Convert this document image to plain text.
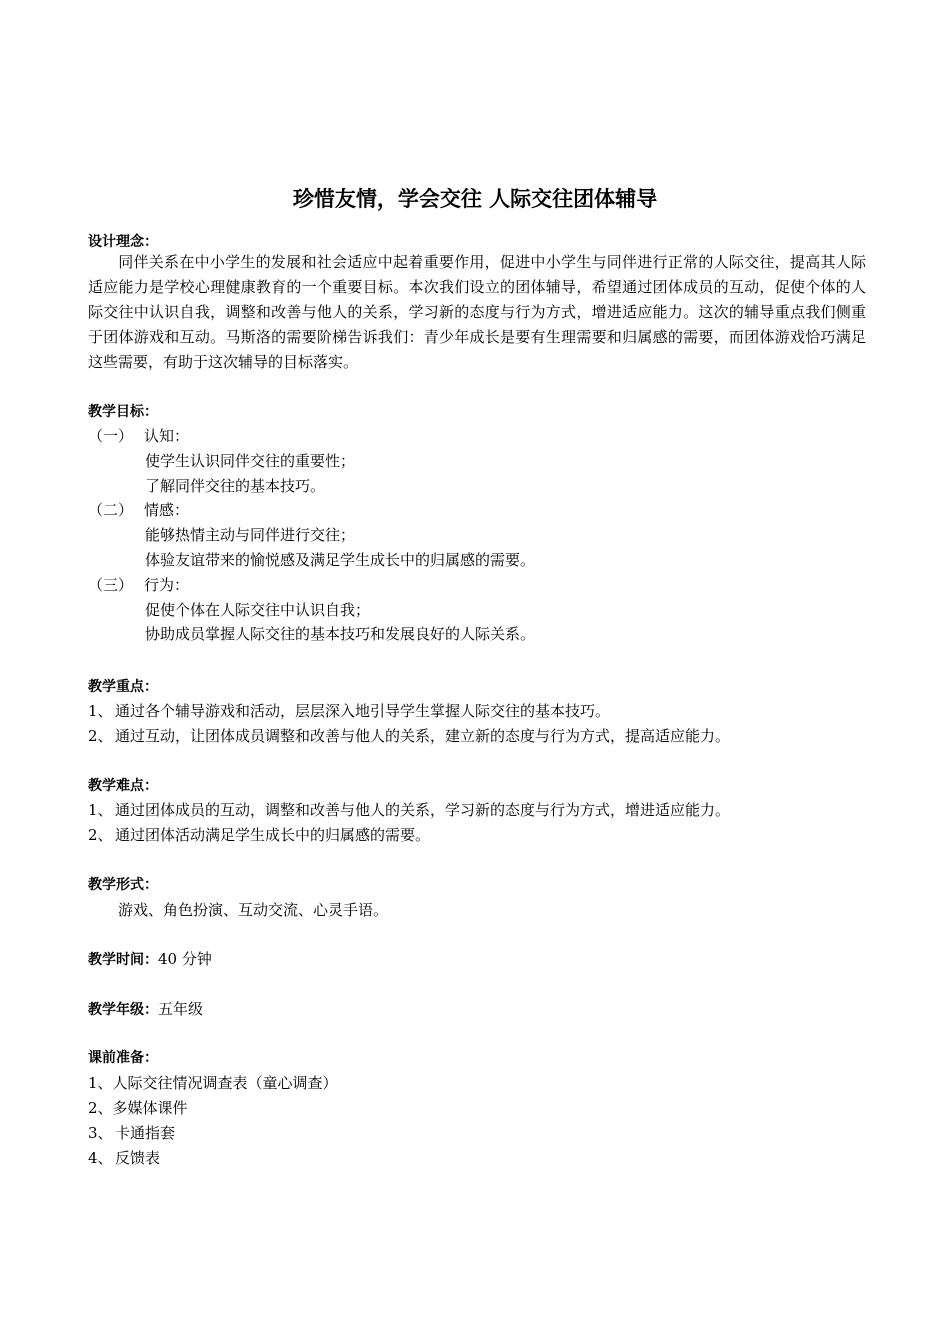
珍惜友情，学会交往 人际交往团体辅导
设计理念：
同伴关系在中小学生的发展和社会适应中起着重要作用，促进中小学生与同伴进行正常的人际交往，提高其人际适应能力是学校心理健康教育的一个重要目标。本次我们设立的团体辅导，希望通过团体成员的互动，促使个体的人际交往中认识自我，调整和改善与他人的关系，学习新的态度与行为方式，增进适应能力。这次的辅导重点我们侧重于团体游戏和互动。马斯洛的需要阶梯告诉我们：青少年成长是要有生理需要和归属感的需要，而团体游戏恰巧满足这些需要，有助于这次辅导的目标落实。
教学目标：
（一） 认知：
使学生认识同伴交往的重要性；
了解同伴交往的基本技巧。
（二） 情感：
能够热情主动与同伴进行交往；
体验友谊带来的愉悦感及满足学生成长中的归属感的需要。
（三） 行为：
促使个体在人际交往中认识自我；
协助成员掌握人际交往的基本技巧和发展良好的人际关系。
教学重点：
1、 通过各个辅导游戏和活动，层层深入地引导学生掌握人际交往的基本技巧。
2、 通过互动，让团体成员调整和改善与他人的关系，建立新的态度与行为方式，提高适应能力。
教学难点：
1、 通过团体成员的互动，调整和改善与他人的关系，学习新的态度与行为方式，增进适应能力。
2、 通过团体活动满足学生成长中的归属感的需要。
教学形式：
游戏、角色扮演、互动交流、心灵手语。
教学时间：40 分钟
教学年级：五年级
课前准备：
1、人际交往情况调查表（童心调查）
2、多媒体课件
3、 卡通指套
4、 反馈表
